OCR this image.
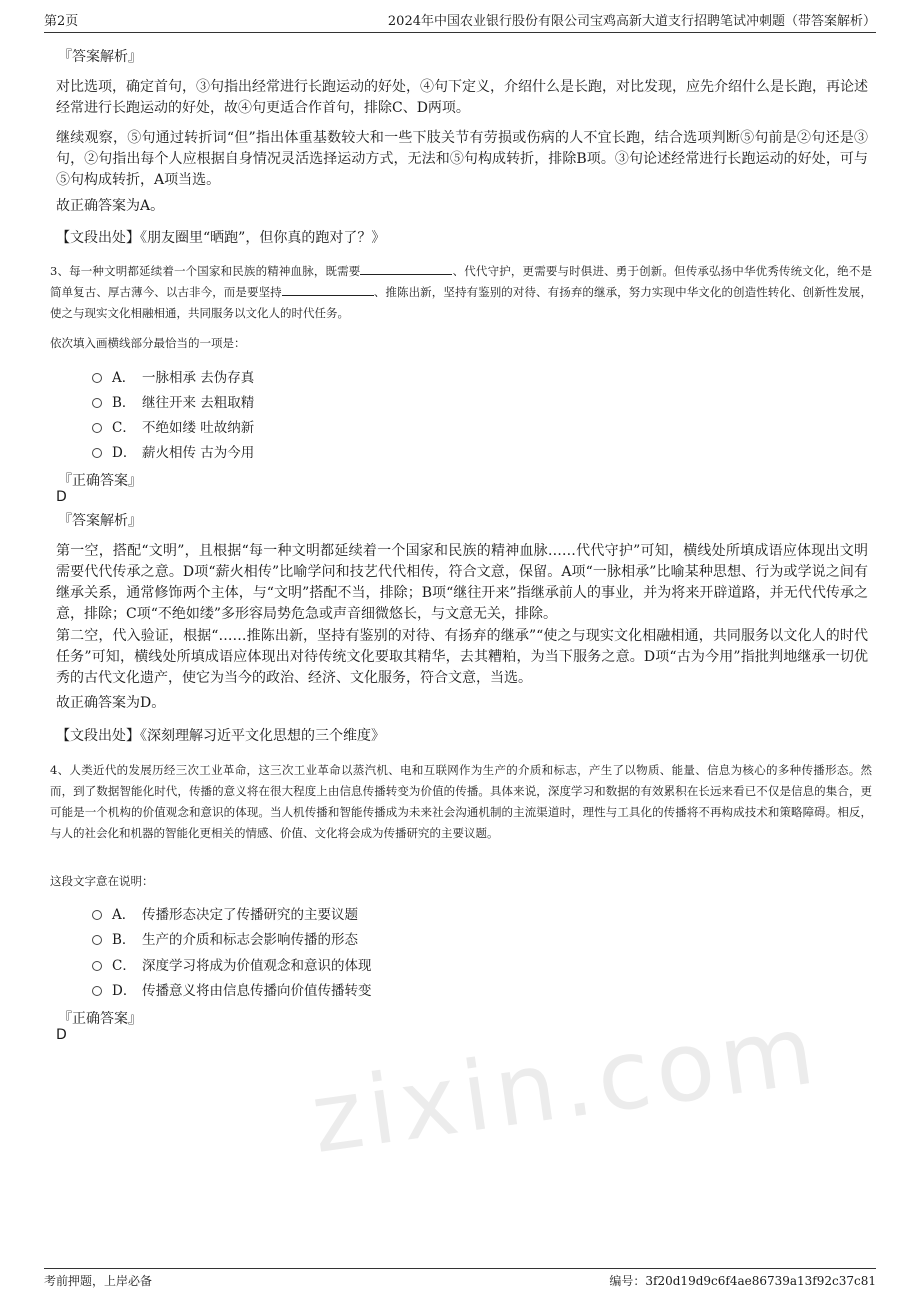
第2页	2024年中国农业银行股份有限公司宝鸡高新大道支行招聘笔试冲刺题（带答案解析）
zixin.com
『答案解析』
对比选项，确定首句，③句指出经常进行长跑运动的好处，④句下定义，介绍什么是长跑，对比发现，应先介绍什么是长跑，再论述经常进行长跑运动的好处，故④句更适合作首句，排除C、D两项。
继续观察，⑤句通过转折词“但”指出体重基数较大和一些下肢关节有劳损或伤病的人不宜长跑，结合选项判断⑤句前是②句还是③句，②句指出每个人应根据自身情况灵活选择运动方式，无法和⑤句构成转折，排除B项。③句论述经常进行长跑运动的好处，可与⑤句构成转折，A项当选。
故正确答案为A。
【文段出处】《朋友圈里“晒跑”，但你真的跑对了？》
3、每一种文明都延续着一个国家和民族的精神血脉，既需要	、代代守护，更需要与时俱进、勇于创新。但传承弘扬中华优秀传统文化，绝不是简单复古、厚古薄今、以古非今，而是要坚持	、推陈出新，坚持有鉴别的对待、有扬弃的继承，努力实现中华文化的创造性转化、创新性发展，使之与现实文化相融相通，共同服务以文化人的时代任务。
依次填入画横线部分最恰当的一项是：
A． 一脉相承 去伪存真
B． 继往开来 去粗取精
C． 不绝如缕 吐故纳新
D． 薪火相传 古为今用
『正确答案』
D
『答案解析』
第一空，搭配“文明”，且根据“每一种文明都延续着一个国家和民族的精神血脉……代代守护”可知，横线处所填成语应体现出文明需要代代传承之意。D项“薪火相传”比喻学问和技艺代代相传，符合文意，保留。A项“一脉相承”比喻某种思想、行为或学说之间有继承关系，通常修饰两个主体，与“文明”搭配不当，排除；B项“继往开来”指继承前人的事业，并为将来开辟道路，并无代代传承之意，排除；C项“不绝如缕”多形容局势危急或声音细微悠长，与文意无关，排除。
第二空，代入验证，根据“……推陈出新，坚持有鉴别的对待、有扬弃的继承”“使之与现实文化相融相通，共同服务以文化人的时代任务”可知，横线处所填成语应体现出对待传统文化要取其精华，去其糟粕，为当下服务之意。D项“古为今用”指批判地继承一切优秀的古代文化遗产，使它为当今的政治、经济、文化服务，符合文意，当选。
故正确答案为D。
【文段出处】《深刻理解习近平文化思想的三个维度》
4、人类近代的发展历经三次工业革命，这三次工业革命以蒸汽机、电和互联网作为生产的介质和标志，产生了以物质、能量、信息为核心的多种传播形态。然而，到了数据智能化时代，传播的意义将在很大程度上由信息传播转变为价值的传播。具体来说，深度学习和数据的有效累积在长远来看已不仅是信息的集合，更可能是一个机构的价值观念和意识的体现。当人机传播和智能传播成为未来社会沟通机制的主流渠道时，理性与工具化的传播将不再构成技术和策略障碍。相反，与人的社会化和机器的智能化更相关的情感、价值、文化将会成为传播研究的主要议题。
这段文字意在说明：
A． 传播形态决定了传播研究的主要议题
B． 生产的介质和标志会影响传播的形态
C． 深度学习将成为价值观念和意识的体现
D． 传播意义将由信息传播向价值传播转变
『正确答案』
D
考前押题，上岸必备	编号：3f20d19d9c6f4ae86739a13f92c37c81
